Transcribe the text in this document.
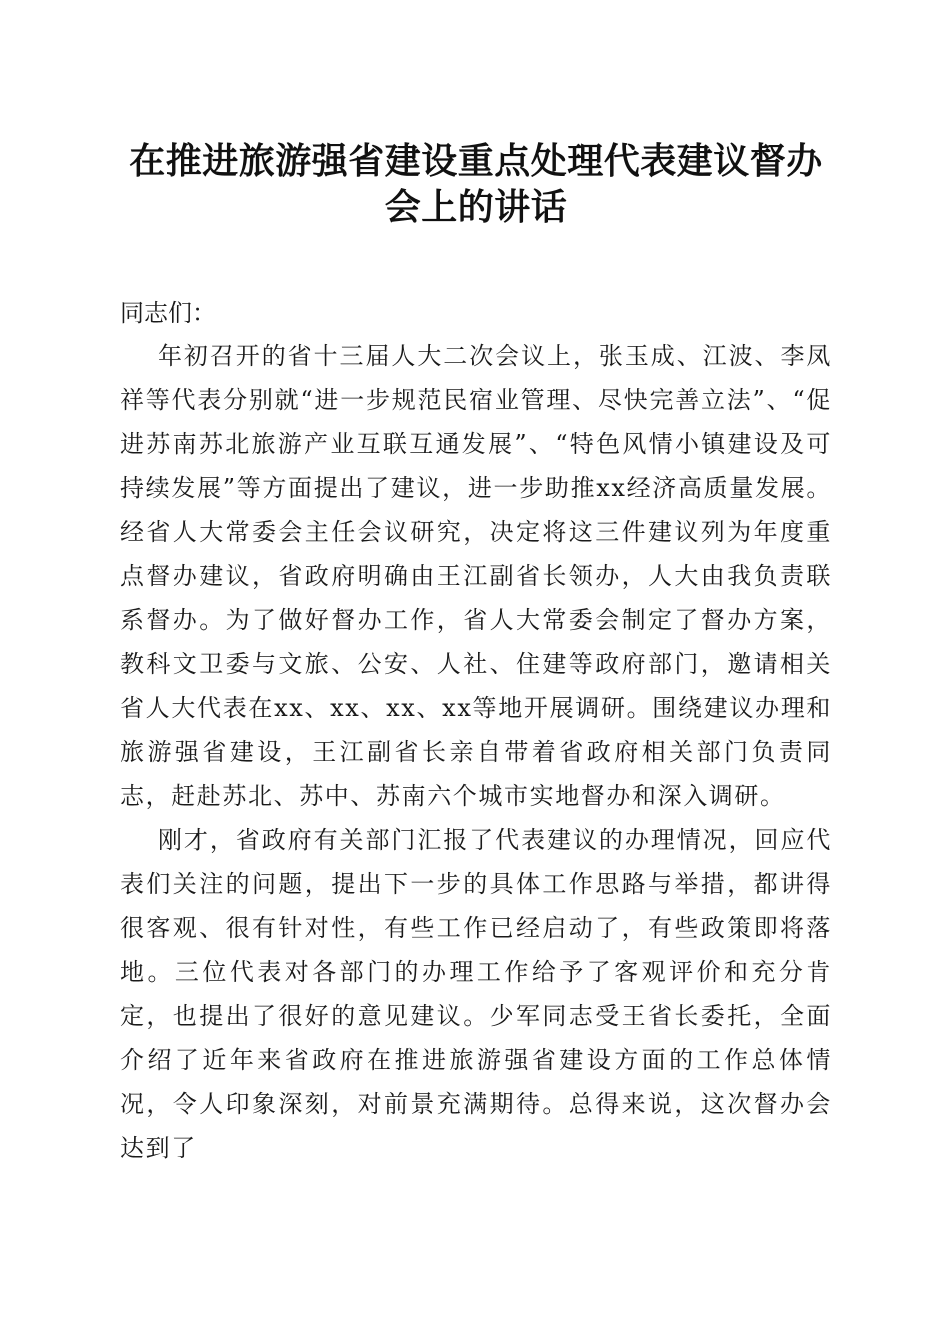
在推进旅游强省建设重点处理代表建议督办会上的讲话

同志们：

年初召开的省十三届人大二次会议上，张玉成、江波、李凤祥等代表分别就“进一步规范民宿业管理、尽快完善立法”、“促进苏南苏北旅游产业互联互通发展”、“特色风情小镇建设及可持续发展”等方面提出了建议，进一步助推xx经济高质量发展。经省人大常委会主任会议研究，决定将这三件建议列为年度重点督办建议，省政府明确由王江副省长领办，人大由我负责联系督办。为了做好督办工作，省人大常委会制定了督办方案，教科文卫委与文旅、公安、人社、住建等政府部门，邀请相关省人大代表在xx、xx、xx、xx等地开展调研。围绕建议办理和旅游强省建设，王江副省长亲自带着省政府相关部门负责同志，赶赴苏北、苏中、苏南六个城市实地督办和深入调研。

刚才，省政府有关部门汇报了代表建议的办理情况，回应代表们关注的问题，提出下一步的具体工作思路与举措，都讲得很客观、很有针对性，有些工作已经启动了，有些政策即将落地。三位代表对各部门的办理工作给予了客观评价和充分肯定，也提出了很好的意见建议。少军同志受王省长委托，全面介绍了近年来省政府在推进旅游强省建设方面的工作总体情况，令人印象深刻，对前景充满期待。总得来说，这次督办会达到了
